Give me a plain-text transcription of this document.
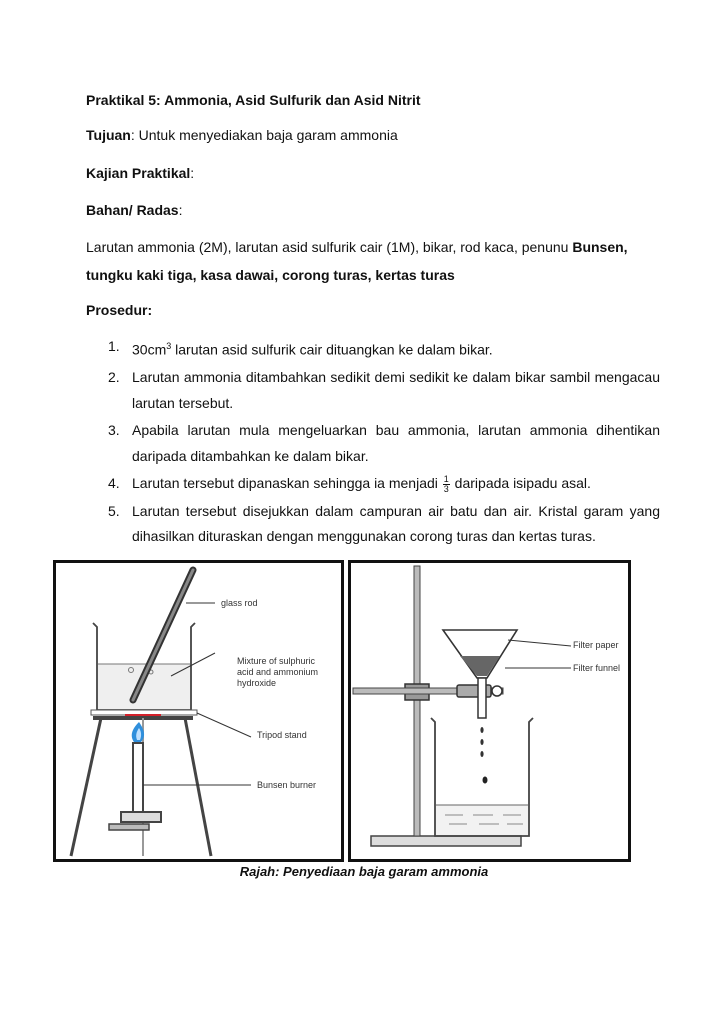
Praktikal 5: Ammonia, Asid Sulfurik dan Asid Nitrit
Tujuan: Untuk menyediakan baja garam ammonia
Kajian Praktikal:
Bahan/ Radas:
Larutan ammonia (2M), larutan asid sulfurik cair (1M), bikar, rod kaca, penunu Bunsen,
tungku kaki tiga, kasa dawai, corong turas, kertas turas
Prosedur:
1. $30cm^3$ larutan asid sulfurik cair dituangkan ke dalam bikar.
2. Larutan ammonia ditambahkan sedikit demi sedikit ke dalam bikar sambil mengacau larutan tersebut.
3. Apabila larutan mula mengeluarkan bau ammonia, larutan ammonia dihentikan daripada ditambahkan ke dalam bikar.
4. Larutan tersebut dipanaskan sehingga ia menjadi $\frac{1}{3}$ daripada isipadu asal.
5. Larutan tersebut disejukkan dalam campuran air batu dan air. Kristal garam yang dihasilkan dituraskan dengan menggunakan corong turas dan kertas turas.
glass rod
Mixture of sulphuric
acid and ammonium
hydroxide
Tripod stand
Bunsen burner
Filter paper
Filter funnel
Rajah: Penyediaan baja garam ammonia
